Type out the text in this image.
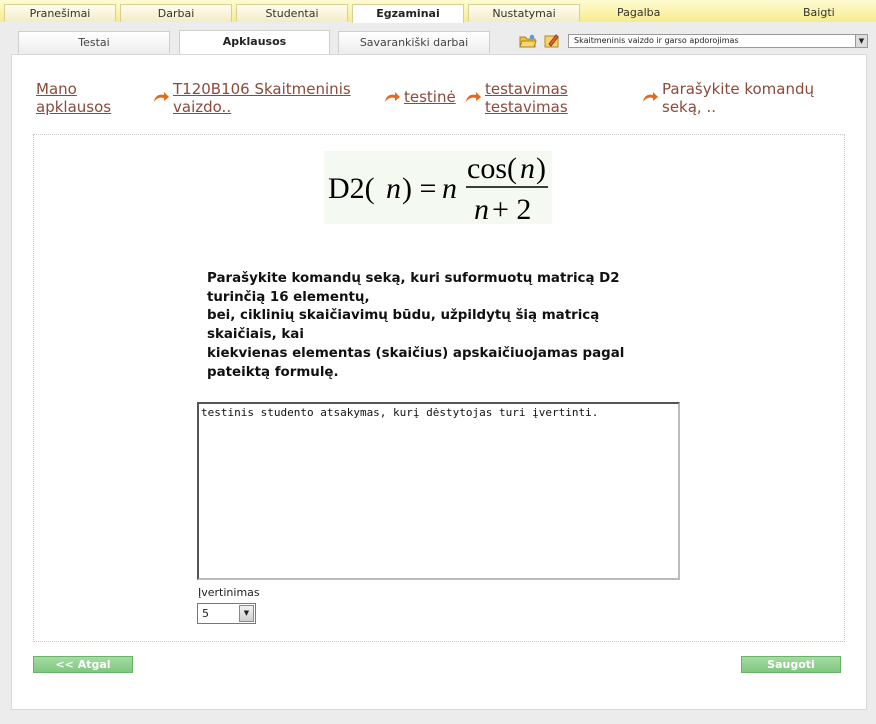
Pranešimai	Darbai	Studentai	Egzaminai	Nustatymai	Pagalba	Baigti
Testai	Apklausos	Savarankiški darbai	Skaitmeninis vaizdo ir garso apdorojimas	▼
Mano
apklausos
T120B106 Skaitmeninis
vaizdo..
testinė testavimas
testavimas
Parašykite komandų
seką, ..
D2( n ) = n
cos( n )
n + 2
Parašykite komandų seką, kuri suformuotų matricą D2
turinčią 16 elementų,
bei, ciklinių skaičiavimų būdu, užpildytų šią matricą
skaičiais, kai
kiekvienas elementas (skaičius) apskaičiuojamas pagal
pateiktą formulę.
testinis studento atsakymas, kurį dėstytojas turi įvertinti.
Įvertinimas
5	▼
<< Atgal	Saugoti
